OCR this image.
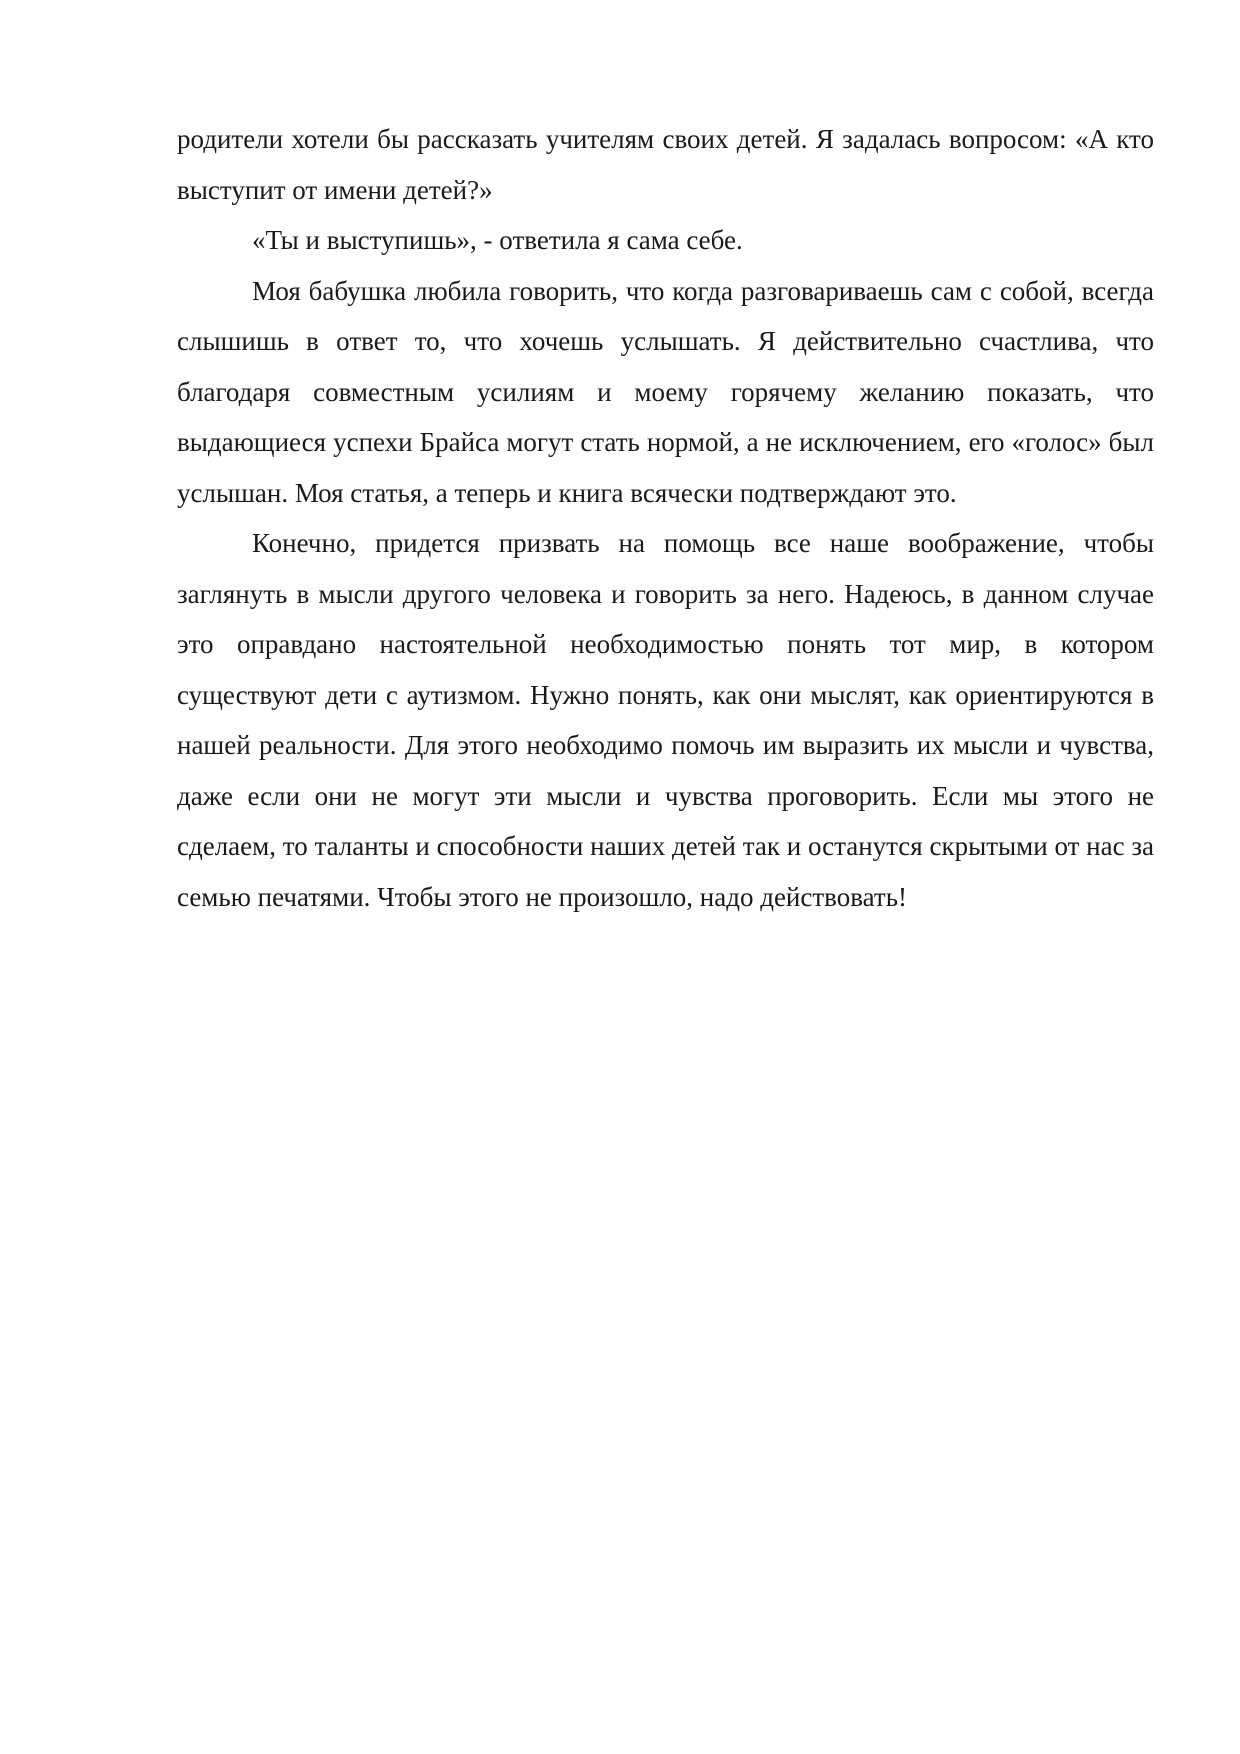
родители хотели бы рассказать учителям своих детей. Я задалась вопросом: «А кто выступит от имени детей?»

«Ты и выступишь», - ответила я сама себе.

Моя бабушка любила говорить, что когда разговариваешь сам с собой, всегда слышишь в ответ то, что хочешь услышать. Я действительно счастлива, что благодаря совместным усилиям и моему горячему желанию показать, что выдающиеся успехи Брайса могут стать нормой, а не исключением, его «голос» был услышан. Моя статья, а теперь и книга всячески подтверждают это.

Конечно, придется призвать на помощь все наше воображение, чтобы заглянуть в мысли другого человека и говорить за него. Надеюсь, в данном случае это оправдано настоятельной необходимостью понять тот мир, в котором существуют дети с аутизмом. Нужно понять, как они мыслят, как ориентируются в нашей реальности. Для этого необходимо помочь им выразить их мысли и чувства, даже если они не могут эти мысли и чувства проговорить. Если мы этого не сделаем, то таланты и способности наших детей так и останутся скрытыми от нас за семью печатями. Чтобы этого не произошло, надо действовать!
